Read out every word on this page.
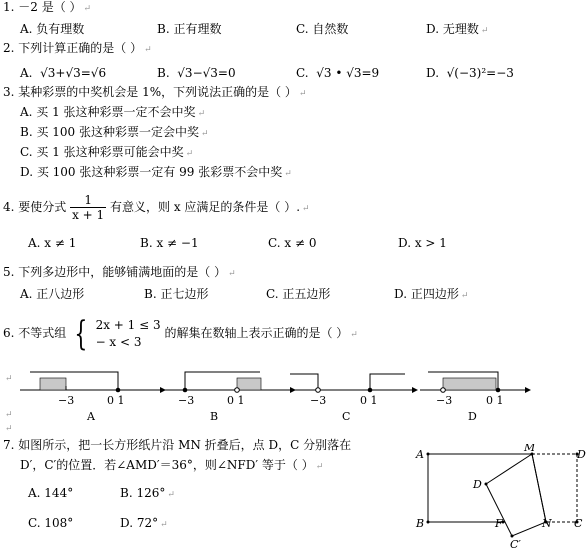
1. －2 是（ ） ↵
A. 负有理数	B. 正有理数	C. 自然数	D. 无理数 ↵
2. 下列计算正确的是（ ） ↵
A. √3+√3=√6	B. √3−√3=0	C. √3 • √3=9	D. √(−3)²=−3
3. 某种彩票的中奖机会是 1%，下列说法正确的是（ ） ↵
A. 买 1 张这种彩票一定不会中奖 ↵
B. 买 100 张这种彩票一定会中奖 ↵
C. 买 1 张这种彩票可能会中奖 ↵
D. 买 100 张这种彩票一定有 99 张彩票不会中奖 ↵
4. 要使分式 $\frac{1}{x + 1}$ 有意义，则 x 应满足的条件是（ ）. ↵
A. x ≠ 1	B. x ≠ −1	C. x ≠ 0	D. x > 1
5. 下列多边形中，能够铺满地面的是（ ） ↵
A. 正八边形	B. 正七边形	C. 正五边形	D. 正四边形 ↵
6. 不等式组 { 2x + 1 ≤ 3
− x < 3
的解集在数轴上表示正确的是（ ） ↵
−3	0 1	−3	0 1	−3	0 1	−3	0 1
A	B	C	D
↵
↵
↵
7. 如图所示，把一长方形纸片沿 MN 折叠后，点 D，C 分别落在
D′，C′的位置．若∠AMD′＝36°，则∠NFD′ 等于（ ） ↵
A. 144°	B. 126° ↵
C. 108°	D. 72° ↵
A
M
D
D
B	F	N C
C′
